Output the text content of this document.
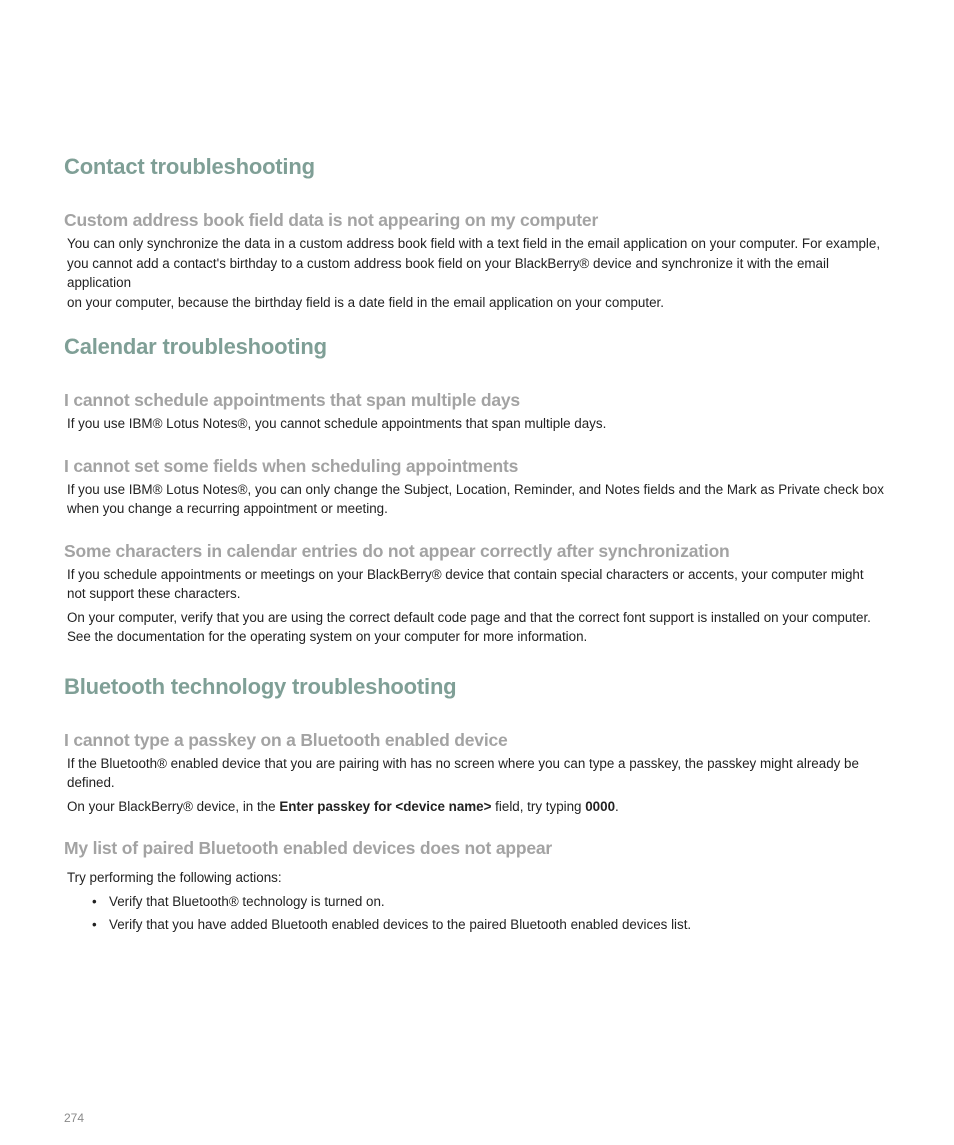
Contact troubleshooting
Custom address book field data is not appearing on my computer

You can only synchronize the data in a custom address book field with a text field in the email application on your computer. For example,

you cannot add a contact's birthday to a custom address book field on your BlackBerry® device and synchronize it with the email application

on your computer, because the birthday field is a date field in the email application on your computer.

Calendar troubleshooting
I cannot schedule appointments that span multiple days

If you use IBM® Lotus Notes®, you cannot schedule appointments that span multiple days.

I cannot set some fields when scheduling appointments

If you use IBM® Lotus Notes®, you can only change the Subject, Location, Reminder, and Notes fields and the Mark as Private check box

when you change a recurring appointment or meeting.

Some characters in calendar entries do not appear correctly after synchronization

If you schedule appointments or meetings on your BlackBerry® device that contain special characters or accents, your computer might

not support these characters.

On your computer, verify that you are using the correct default code page and that the correct font support is installed on your computer.

See the documentation for the operating system on your computer for more information.

Bluetooth technology troubleshooting
I cannot type a passkey on a Bluetooth enabled device

If the Bluetooth® enabled device that you are pairing with has no screen where you can type a passkey, the passkey might already be

defined.

On your BlackBerry® device, in the Enter passkey for <device name> field, try typing 0000.

My list of paired Bluetooth enabled devices does not appear

Try performing the following actions:

• Verify that Bluetooth® technology is turned on.
• Verify that you have added Bluetooth enabled devices to the paired Bluetooth enabled devices list.
274
